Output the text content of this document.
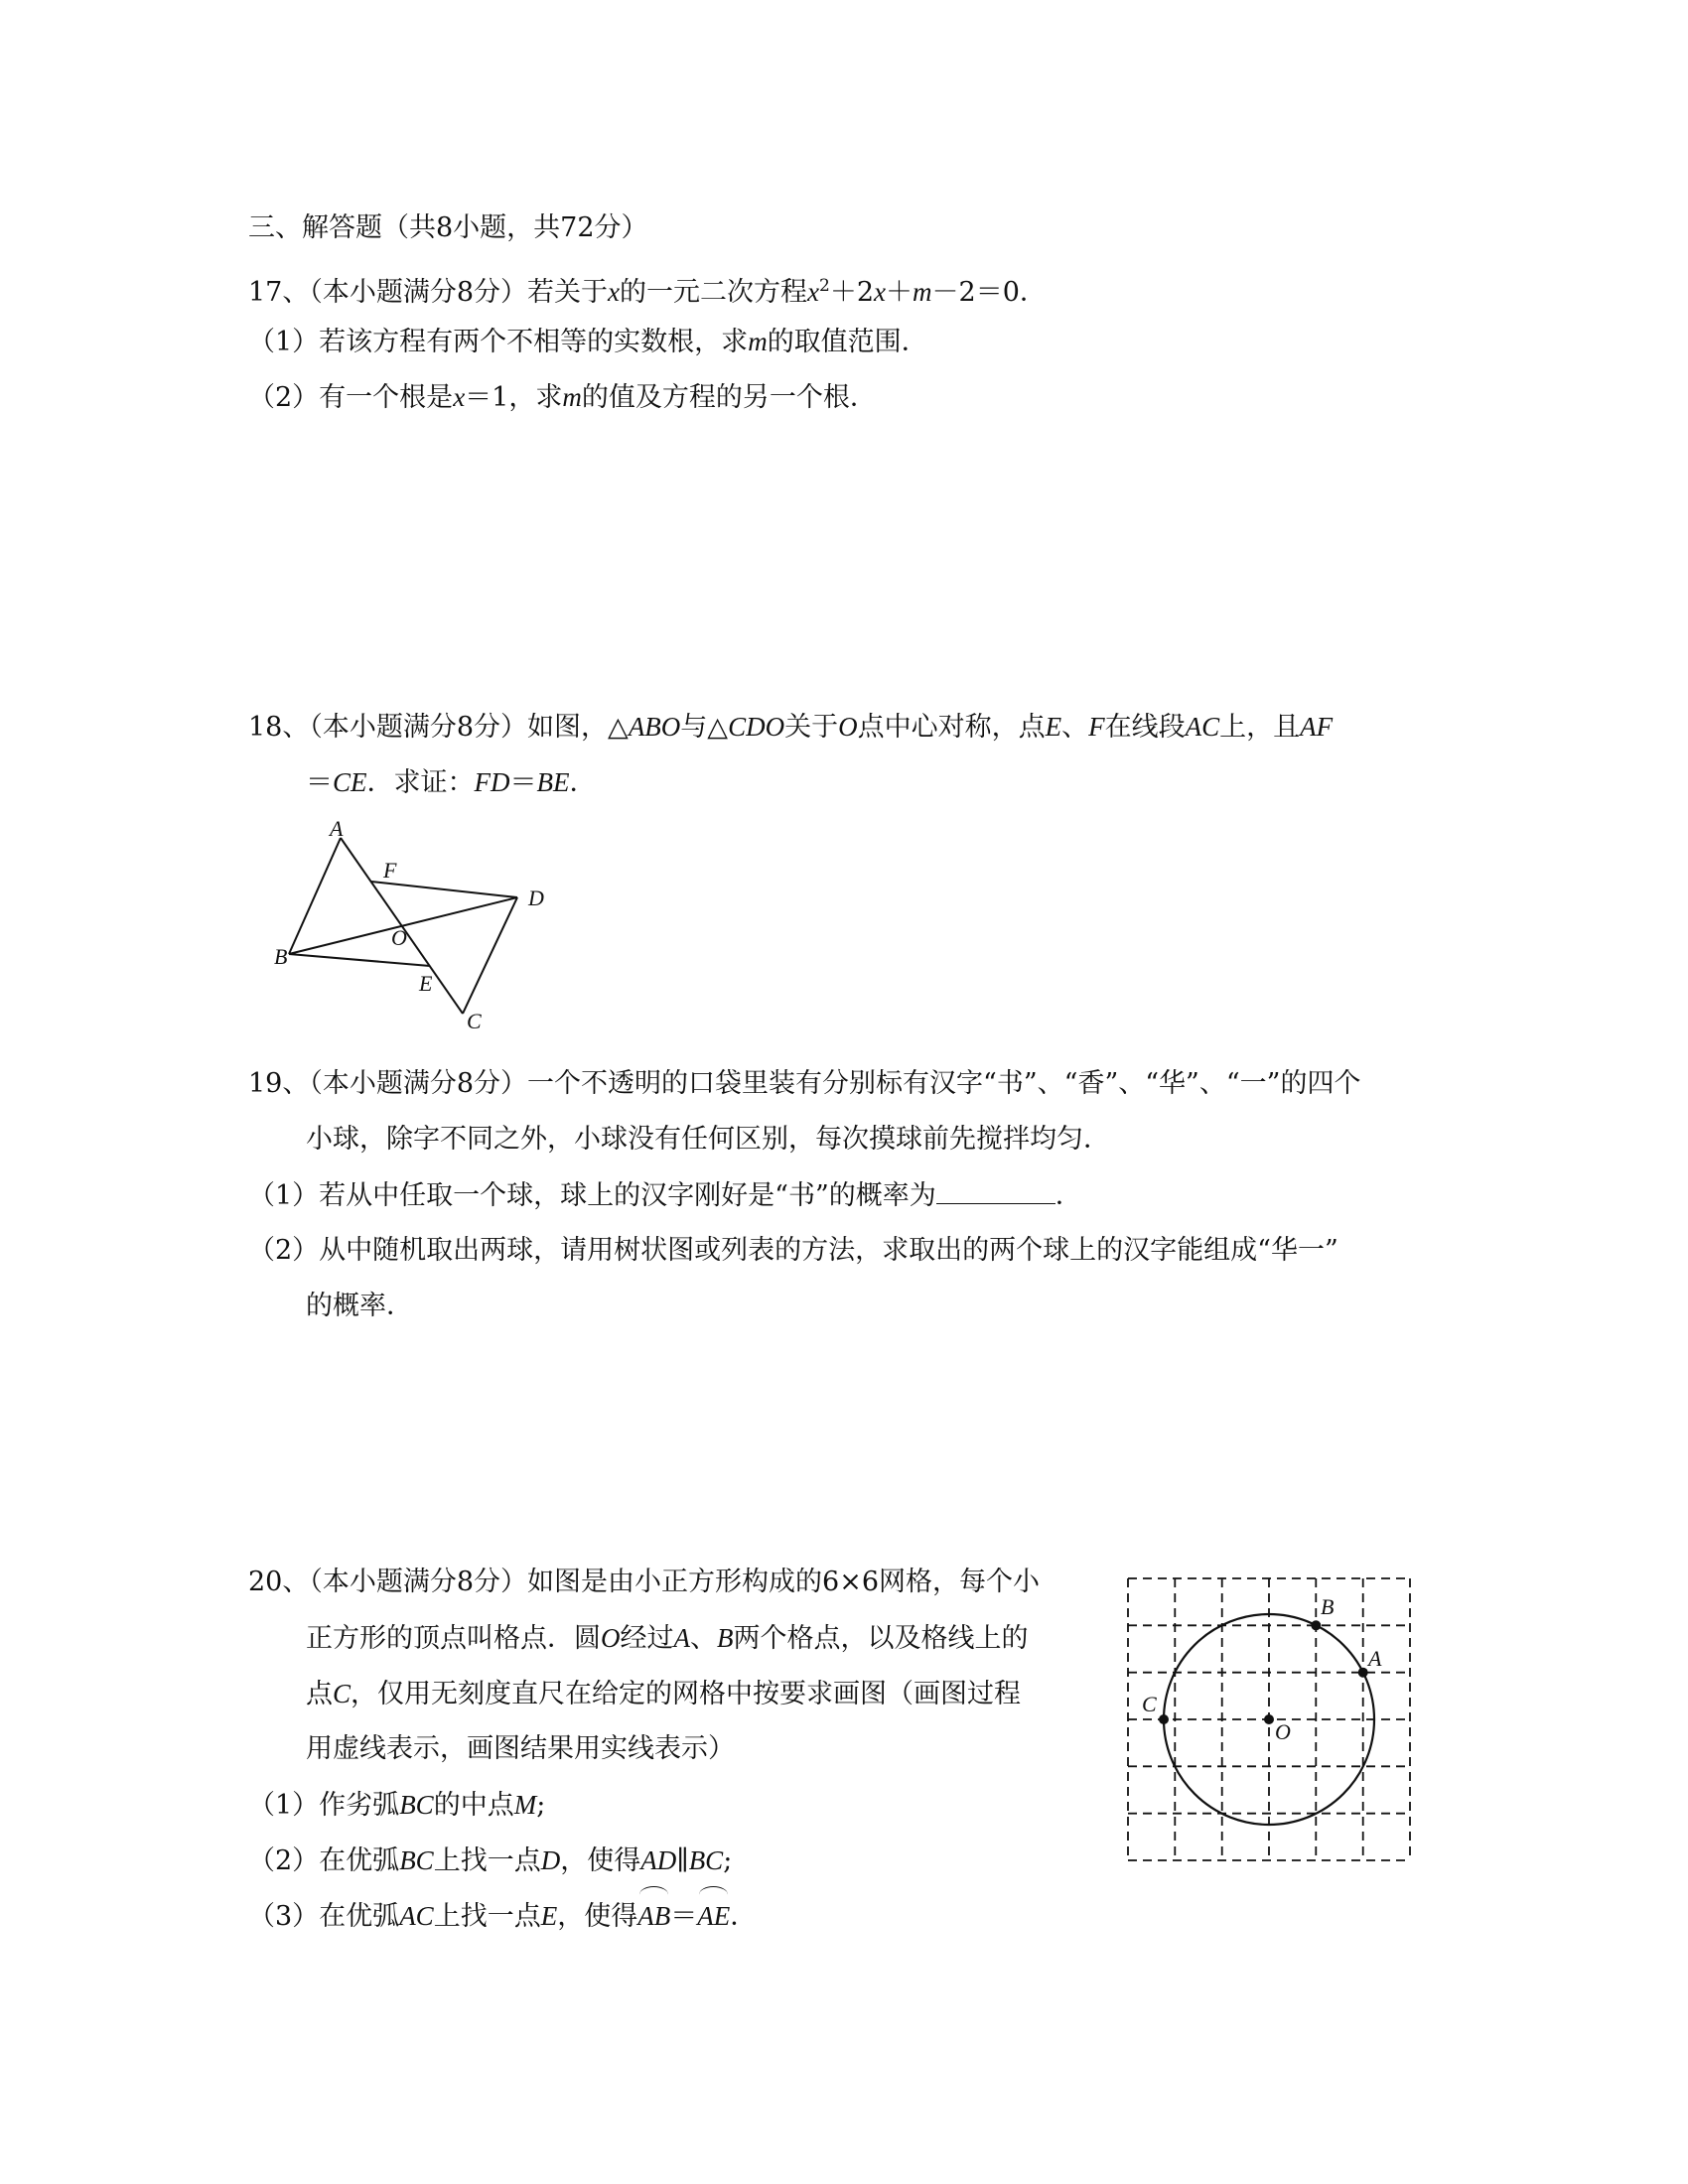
三、解答题（共8小题，共72分）
17、（本小题满分8分）若关于x的一元二次方程$x^2+2x+m-2=0$．
（1）若该方程有两个不相等的实数根，求m的取值范围．
（2）有一个根是x＝1，求m的值及方程的另一个根．
18、（本小题满分8分）如图，△ABO与△CDO关于O点中心对称，点E、F在线段AC上，且AF
＝CE．求证：FD＝BE．
A
F
D
O
B
E
C
19、（本小题满分8分）一个不透明的口袋里装有分别标有汉字“书”、“香”、“华”、“一”的四个
小球，除字不同之外，小球没有任何区别，每次摸球前先搅拌均匀．
（1）若从中任取一个球，球上的汉字刚好是“书”的概率为	．
（2）从中随机取出两球，请用树状图或列表的方法，求取出的两个球上的汉字能组成“华一”
的概率．
20、（本小题满分8分）如图是由小正方形构成的6×6网格，每个小
正方形的顶点叫格点．圆O经过A、B两个格点，以及格线上的
点C，仅用无刻度直尺在给定的网格中按要求画图（画图过程
用虚线表示，画图结果用实线表示）
（1）作劣弧BC的中点M;
（2）在优弧BC上找一点D，使得AD∥BC;
（3）在优弧AC上找一点E，使得AB＝AE．
B
A
C
O
